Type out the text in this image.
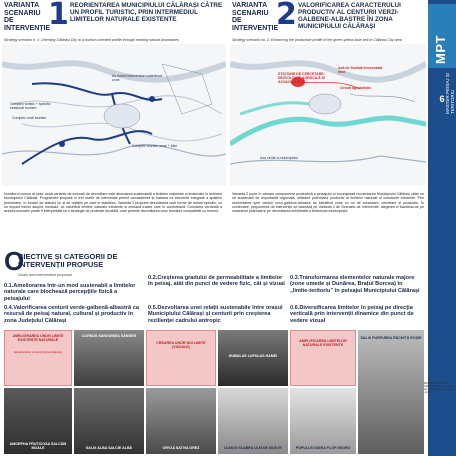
VARIANTA SCENARIU DE INTERVENȚIE
1 REORIENTAREA MUNICIPIULUI CĂLĂRAȘI CĂTRE UN PROFIL TURISTIC, PRIN INTERMEDIUL LIMITELOR NATURALE EXISTENTE
Strategy scenario n. 1: Orienting Călărași City to a tourism-oriented profile through existing natural boundaries
As mixed intervention waterfront zone
Complex turistic + specific seasonal tourism
Complex rural tourism
Complex tourism zone + bike
VARIANTA SCENARIU DE INTERVENȚIE
2 VALORIFICAREA CARACTERULUI PRODUCTIV AL CENTURII VERZI-GALBENE-ALBASTRE ÎN ZONA MUNICIPIULUI CĂLĂRAȘI
Strategy scenario no. 2: Enhancing the productive profile of the green-yellow-blue belt in Călărași City area
STAȚIUNE DE CERCETARE-DEZVOLTARE AGRICOLĂ ȘI ACVACULTURĂ
Axă de fluvială frecventată mixt
Circuit agroturistic
Axa verde a municipiului
MPT
6 MASTER PEISAJ ȘI TERITORIU
Numitorul comun al celor două variante de scenarii de dezvoltare este abordarea sustenabilă a limitelor materiale și imateriale în teritoriul Municipiului Călărași. Programele propuse în trei nivele de intervenție permit cunoașterea și tratarea ca elemente integrate a spațiilor periurbane, în funcție de statutul lor și de relațiile pe care le stabilesc. Varianta 1 propune dezvoltarea unei forme de turism specific, cu un impact minim asupra mediului, ce valorifică limitele naturale existente și creează trasee care le conectează. Colorarea verdeață a acestui scenariu poate fi interpretată ca o strategie de protecție durabilă, care permite dezvoltarea unor funcțiuni compatibile cu terenul.
Varianta 2 pune în valoare componenta productivă a peisajului și încurajează reorientarea Municipiului Călărași către un rol sustenabil de importanță regională, utilizând potențialul productiv al limitelor naturale și construite existente. Prin reorientarea spre centuri verzi-galbene-albastre se identifică zone cu rol de conectare, cercetare și producție. În continuare, propunerea de intervenție se bazează pe Varianta 2 de Scenariu de Intervenție, alegerea ei bazându-se pe caracterul potențial și pe dezvoltarea echilibrată a teritoriului municipiului.
O
BIECTIVE ȘI CATEGORII DE INTERVENȚII PROPUSE
Goals and intervention proposal
0.1.Ameliorarea într-un mod sustenabil a limitelor naturale care blochează percepțiile fizică a peisajului
0.2.Creșterea gradului de permeabilitate a limitelor în peisaj, atât din punct de vedere fizic, cât și vizual
0.3.Transformarea elementelor naturale majore (zone umede și Dunărea, Brațul Borcea) în „limite-teritoriu” în peisajul Municipiului Călărași
0.4.Valorificarea centurii verde-galbenă-albastră ca resursă de peisaj natural, cultural și productiv în zona Județului Călărași
0.5.Dezvoltarea unei relații sustenabile între orașul Municipiului Călărași și centurii prin creșterea rezilienței cadrului antropic
0.6.Diversificarea limitelor în peisaj pe direcția verticală prin intervenții dinamice din punct de vedere vizual
AMELIORAREA UNOR LIMITE EXISTENTE NATURALE
(amelioration of existing boundaries)
AMORPHA FRUTICOSA SALCÂM MOALE
CORNUS SANGUINEA SÂNGER
SALIX ALBA SALCIE ALBĂ
CREAREA UNOR NOI LIMITE (VIZUALE)
ORYZA SATIVA OREZ
HUMULUS LUPULUS HAMEI
ULMUS GLABRA ULM DE MUNTE
AMPLIFICAREA LIMITELOR NATURALE EXISTENTE
POPULUS NIGRA PLOP NEGRU
SALIX PURPUREA RĂCHITĂ ROȘIE
MASTER PEISAJ ȘI TERITORIU Universitatea de Arhitectură și Urbanism „Ion Mincu”
